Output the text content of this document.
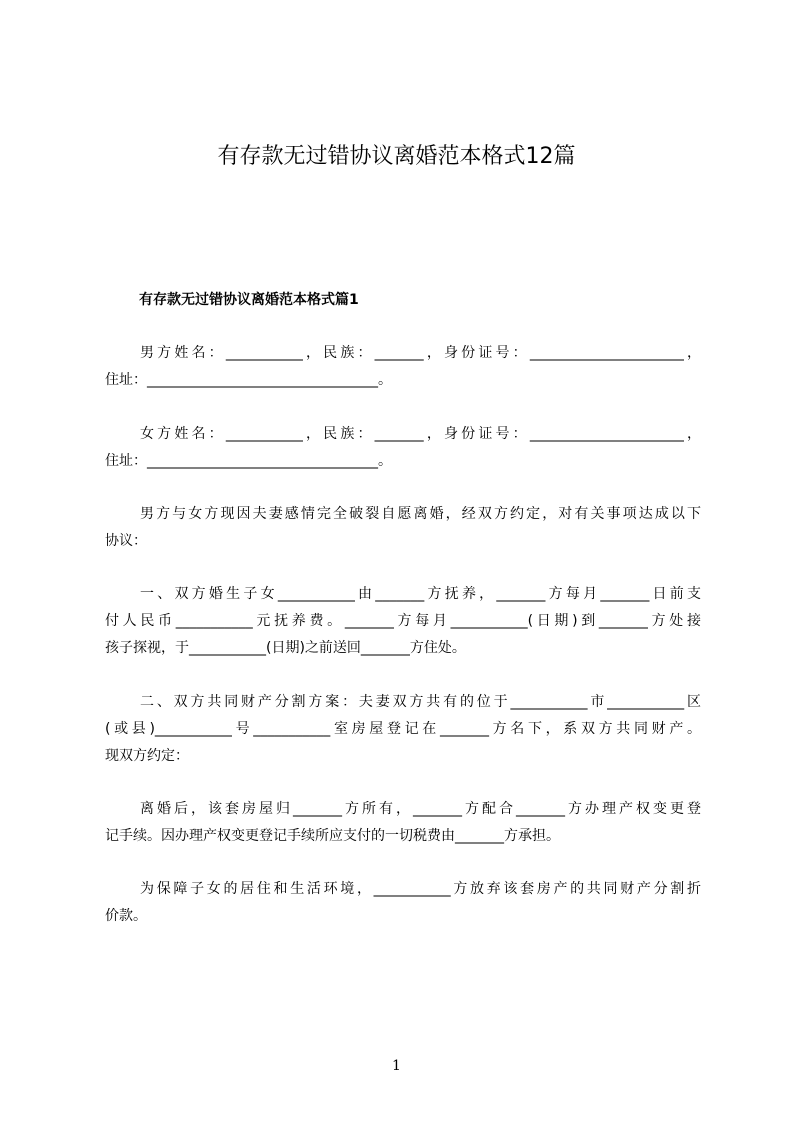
有存款无过错协议离婚范本格式12篇
有存款无过错协议离婚范本格式篇1
男方姓名：___________，民族：_______，身份证号：______________________，
住址：_________________________________。
女方姓名：___________，民族：_______，身份证号：______________________，
住址：_________________________________。
男方与女方现因夫妻感情完全破裂自愿离婚，经双方约定，对有关事项达成以下
协议：
一、双方婚生子女___________由_______方抚养，_______方每月_______日前支
付人民币___________元抚养费。_______方每月___________(日期)到_______方处接
孩子探视，于___________(日期)之前送回_______方住处。
二、双方共同财产分割方案：夫妻双方共有的位于___________市___________区
(或县)___________号___________室房屋登记在_______方名下，系双方共同财产。
现双方约定：
离婚后，该套房屋归_______方所有，_______方配合_______方办理产权变更登
记手续。因办理产权变更登记手续所应支付的一切税费由_______方承担。
为保障子女的居住和生活环境，___________方放弃该套房产的共同财产分割折
价款。
1
